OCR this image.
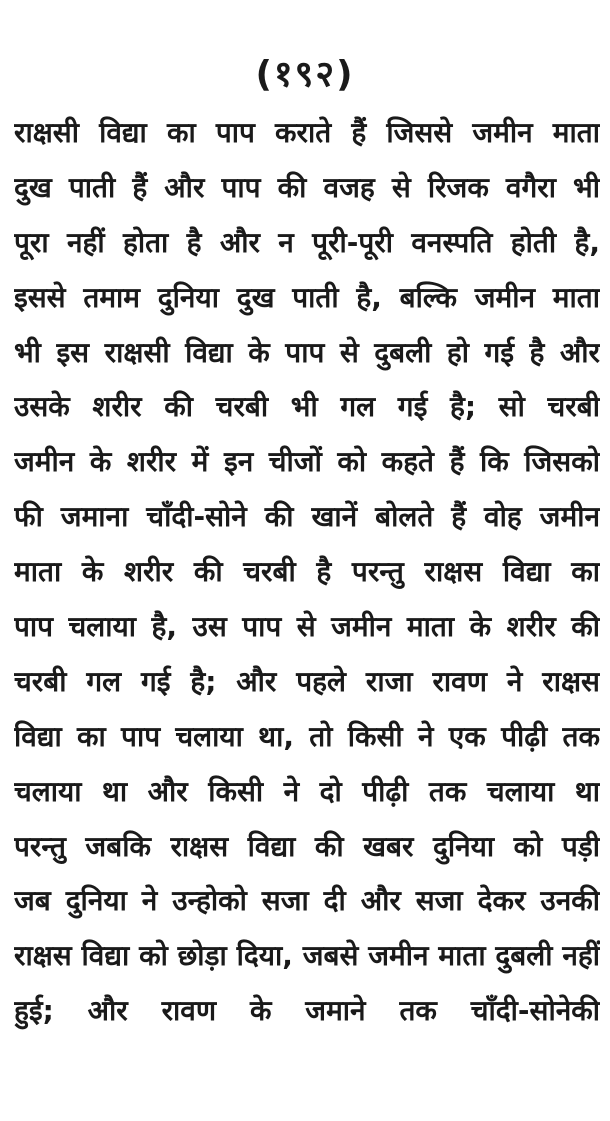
(१९२)
राक्षसी विद्या का पाप कराते हैं जिससे जमीन माता
दुख पाती हैं और पाप की वजह से रिजक वगैरा भी
पूरा नहीं होता है और न पूरी-पूरी वनस्पति होती है,
इससे तमाम दुनिया दुख पाती है, बल्कि जमीन माता
भी इस राक्षसी विद्या के पाप से दुबली हो गई है और
उसके शरीर की चरबी भी गल गई है; सो चरबी
जमीन के शरीर में इन चीजों को कहते हैं कि जिसको
फी जमाना चाँदी-सोने की खानें बोलते हैं वोह जमीन
माता के शरीर की चरबी है परन्तु राक्षस विद्या का
पाप चलाया है, उस पाप से जमीन माता के शरीर की
चरबी गल गई है; और पहले राजा रावण ने राक्षस
विद्या का पाप चलाया था, तो किसी ने एक पीढ़ी तक
चलाया था और किसी ने दो पीढ़ी तक चलाया था
परन्तु जबकि राक्षस विद्या की खबर दुनिया को पड़ी
जब दुनिया ने उन्होको सजा दी और सजा देकर उनकी
राक्षस विद्या को छोड़ा दिया, जबसे जमीन माता दुबली नहीं
हुई; और रावण के जमाने तक चाँदी-सोनेकी
